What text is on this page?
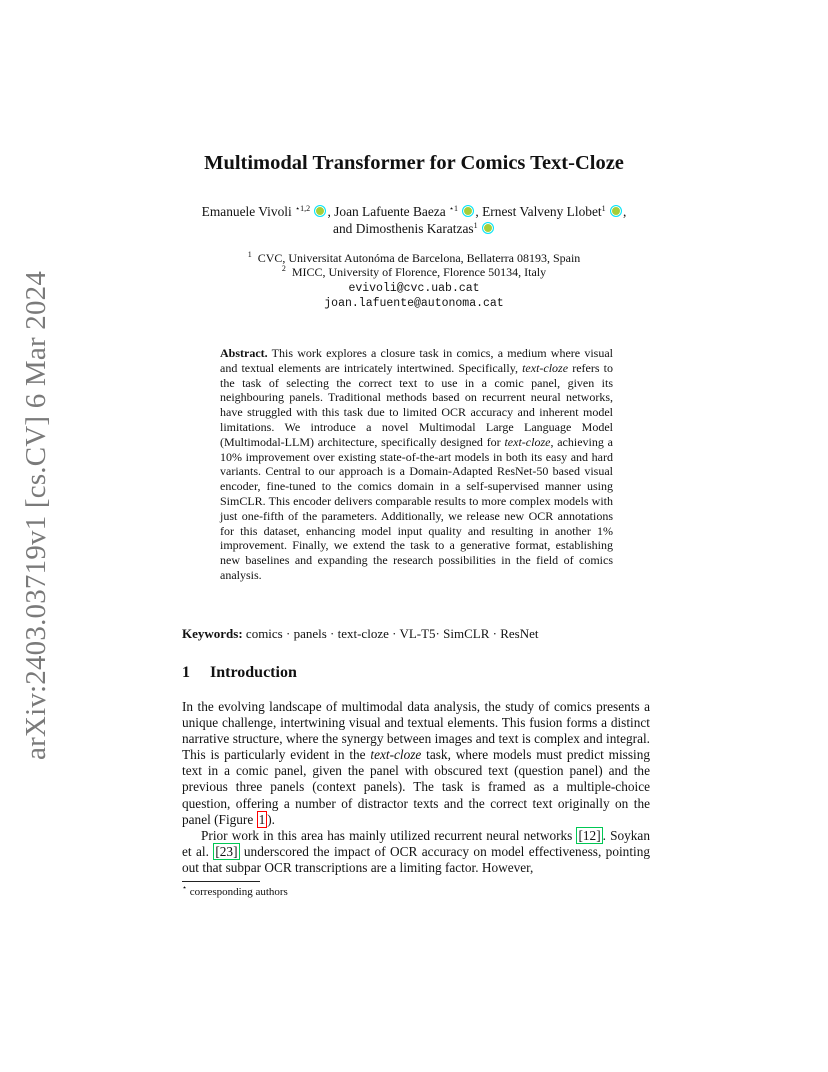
arXiv:2403.03719v1 [cs.CV] 6 Mar 2024
Multimodal Transformer for Comics Text-Cloze
Emanuele Vivoli $^{⋆1,2}$ , Joan Lafuente Baeza $^{⋆1}$ , Ernest Valveny Llobet$^1$ ,
and Dimosthenis Karatzas$^1$
$^1$ CVC, Universitat Autonóma de Barcelona, Bellaterra 08193, Spain
$^2$ MICC, University of Florence, Florence 50134, Italy
evivoli@cvc.uab.cat
joan.lafuente@autonoma.cat
Abstract. This work explores a closure task in comics, a medium where visual and textual elements are intricately intertwined. Specifically, text-cloze refers to the task of selecting the correct text to use in a comic panel, given its neighbouring panels. Traditional methods based on recurrent neural networks, have struggled with this task due to limited OCR accuracy and inherent model limitations. We introduce a novel Multimodal Large Language Model (Multimodal-LLM) architecture, specifically designed for text-cloze, achieving a 10% improvement over existing state-of-the-art models in both its easy and hard variants. Central to our approach is a Domain-Adapted ResNet-50 based visual encoder, fine-tuned to the comics domain in a self-supervised manner using SimCLR. This encoder delivers comparable results to more complex models with just one-fifth of the parameters. Additionally, we release new OCR annotations for this dataset, enhancing model input quality and resulting in another 1% improvement. Finally, we extend the task to a generative format, establishing new baselines and expanding the research possibilities in the field of comics analysis.
Keywords: comics · panels · text-cloze · VL-T5· SimCLR · ResNet
1 Introduction

In the evolving landscape of multimodal data analysis, the study of comics presents a unique challenge, intertwining visual and textual elements. This fusion forms a distinct narrative structure, where the synergy between images and text is complex and integral. This is particularly evident in the text-cloze task, where models must predict missing text in a comic panel, given the panel with obscured text (question panel) and the previous three panels (context panels). The task is framed as a multiple-choice question, offering a number of distractor texts and the correct text originally on the panel (Figure 1 ).

Prior work in this area has mainly utilized recurrent neural networks [12] . Soykan et al. [23] underscored the impact of OCR accuracy on model effectiveness, pointing out that subpar OCR transcriptions are a limiting factor. However,

⋆ corresponding authors
